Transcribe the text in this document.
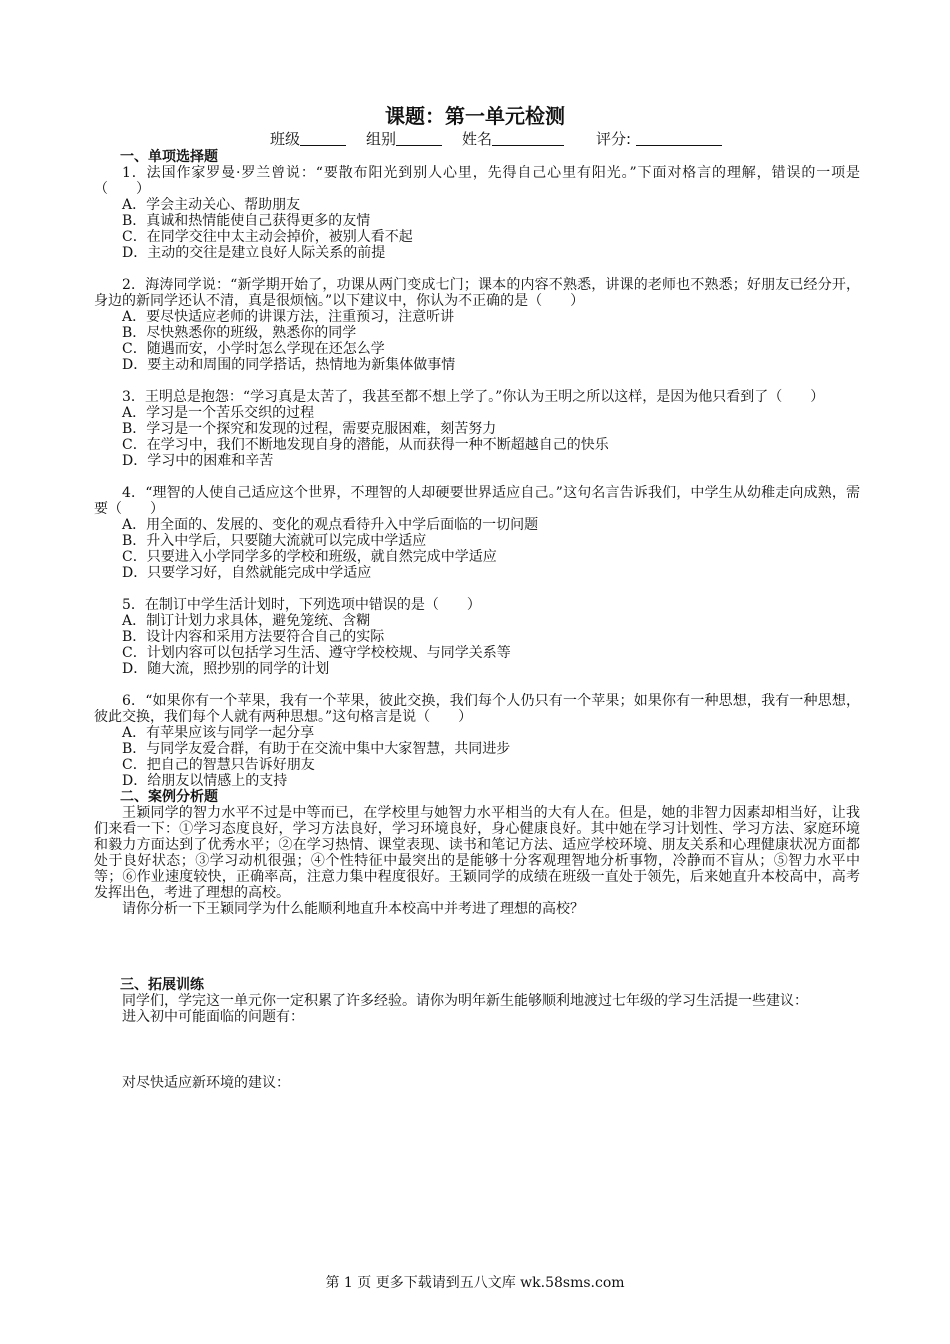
课题：第一单元检测
班级	组别	姓名	评分:
一、单项选择题
1．法国作家罗曼·罗兰曾说：“要散布阳光到别人心里，先得自己心里有阳光。”下面对格言的理解，错误的一项是（　　）
A．学会主动关心、帮助朋友
B．真诚和热情能使自己获得更多的友情
C．在同学交往中太主动会掉价，被别人看不起
D．主动的交往是建立良好人际关系的前提
2．海涛同学说：“新学期开始了，功课从两门变成七门；课本的内容不熟悉，讲课的老师也不熟悉；好朋友已经分开，身边的新同学还认不清，真是很烦恼。”以下建议中，你认为不正确的是（　　）
A．要尽快适应老师的讲课方法，注重预习，注意听讲
B．尽快熟悉你的班级，熟悉你的同学
C．随遇而安，小学时怎么学现在还怎么学
D．要主动和周围的同学搭话，热情地为新集体做事情
3．王明总是抱怨：“学习真是太苦了，我甚至都不想上学了。”你认为王明之所以这样，是因为他只看到了（　　）
A．学习是一个苦乐交织的过程
B．学习是一个探究和发现的过程，需要克服困难，刻苦努力
C．在学习中，我们不断地发现自身的潜能，从而获得一种不断超越自己的快乐
D．学习中的困难和辛苦
4．“理智的人使自己适应这个世界，不理智的人却硬要世界适应自己。”这句名言告诉我们，中学生从幼稚走向成熟，需要（　　）
A．用全面的、发展的、变化的观点看待升入中学后面临的一切问题
B．升入中学后，只要随大流就可以完成中学适应
C．只要进入小学同学多的学校和班级，就自然完成中学适应
D．只要学习好，自然就能完成中学适应
5．在制订中学生活计划时，下列选项中错误的是（　　）
A．制订计划力求具体，避免笼统、含糊
B．设计内容和采用方法要符合自己的实际
C．计划内容可以包括学习生活、遵守学校校规、与同学关系等
D．随大流，照抄别的同学的计划
6．“如果你有一个苹果，我有一个苹果，彼此交换，我们每个人仍只有一个苹果；如果你有一种思想，我有一种思想，彼此交换，我们每个人就有两种思想。”这句格言是说（　　）
A．有苹果应该与同学一起分享
B．与同学友爱合群，有助于在交流中集中大家智慧，共同进步
C．把自己的智慧只告诉好朋友
D．给朋友以情感上的支持
二、案例分析题
王颖同学的智力水平不过是中等而已，在学校里与她智力水平相当的大有人在。但是，她的非智力因素却相当好，让我们来看一下：①学习态度良好，学习方法良好，学习环境良好，身心健康良好。其中她在学习计划性、学习方法、家庭环境和毅力方面达到了优秀水平；②在学习热情、课堂表现、读书和笔记方法、适应学校环境、朋友关系和心理健康状况方面都处于良好状态；③学习动机很强；④个性特征中最突出的是能够十分客观理智地分析事物，冷静而不盲从；⑤智力水平中等；⑥作业速度较快，正确率高，注意力集中程度很好。王颖同学的成绩在班级一直处于领先，后来她直升本校高中，高考发挥出色，考进了理想的高校。
请你分析一下王颖同学为什么能顺利地直升本校高中并考进了理想的高校？
三、拓展训练
同学们，学完这一单元你一定积累了许多经验。请你为明年新生能够顺利地渡过七年级的学习生活提一些建议：
进入初中可能面临的问题有：
对尽快适应新环境的建议：
第 1 页 更多下载请到五八文库 wk.58sms.com
